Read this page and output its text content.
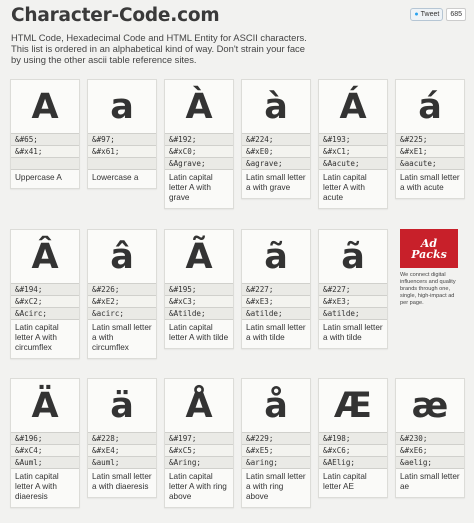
Character-Code.com
HTML Code, Hexadecimal Code and HTML Entity for ASCII characters.
This list is ordered in an alphabetical kind of way. Don't strain your face
by using the other ascii table reference sites.
● Tweet	685
A
&#65;
&#x41;
Uppercase A
a
&#97;
&#x61;
Lowercase a
À
&#192;
&#xC0;
&Agrave;
Latin capital letter A with grave
à
&#224;
&#xE0;
&agrave;
Latin small letter a with grave
Á
&#193;
&#xC1;
&Aacute;
Latin capital letter A with acute
á
&#225;
&#xE1;
&aacute;
Latin small letter a with acute
Â
&#194;
&#xC2;
&Acirc;
Latin capital letter A with circumflex
â
&#226;
&#xE2;
&acirc;
Latin small letter a with circumflex
Ã
&#195;
&#xC3;
&Atilde;
Latin capital letter A with tilde
ã
&#227;
&#xE3;
&atilde;
Latin small letter a with tilde
ã
&#227;
&#xE3;
&atilde;
Latin small letter a with tilde
Ä
&#196;
&#xC4;
&Auml;
Latin capital letter A with diaeresis
ä
&#228;
&#xE4;
&auml;
Latin small letter a with diaeresis
Å
&#197;
&#xC5;
&Aring;
Latin capital letter A with ring above
å
&#229;
&#xE5;
&aring;
Latin small letter a with ring above
Æ
&#198;
&#xC6;
&AElig;
Latin capital letter AE
æ
&#230;
&#xE6;
&aelig;
Latin small letter ae
Ad
Packs
We connect digital influencers and quality brands through one, single, high-impact ad per page.
